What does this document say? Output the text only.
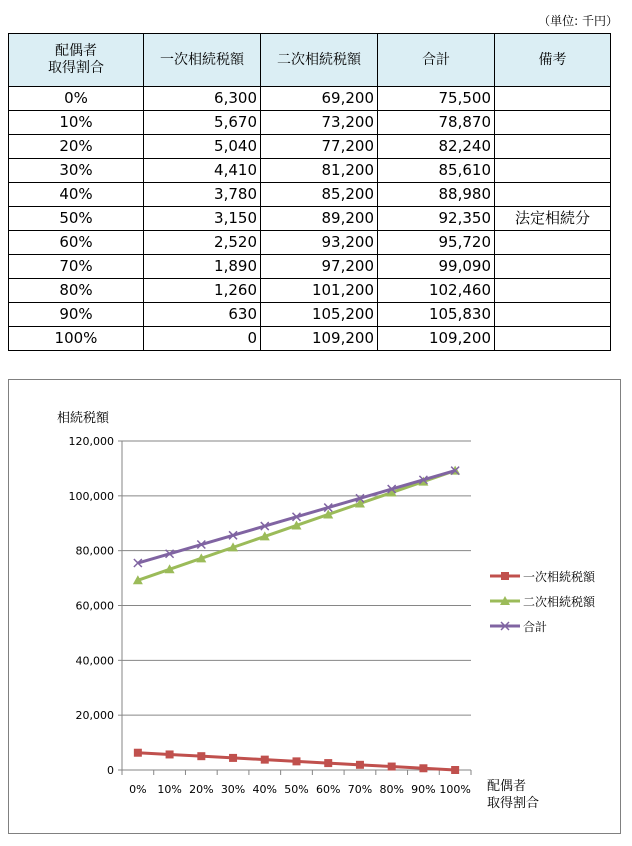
（単位: 千円）
配偶者
取得割合	一次相続税額	二次相続税額	合計	備考
0%	6,300	69,200	75,500	
10%	5,670	73,200	78,870	
20%	5,040	77,200	82,240	
30%	4,410	81,200	85,610	
40%	3,780	85,200	88,980	
50%	3,150	89,200	92,350	法定相続分
60%	2,520	93,200	95,720	
70%	1,890	97,200	99,090	
80%	1,260	101,200	102,460	
90%	630	105,200	105,830	
100%	0	109,200	109,200	
0
20,000
40,000
60,000
80,000
100,000
120,000
0% 10% 20% 30% 40% 50% 60% 70% 80% 90% 100%
相続税額
配偶者取得割合
一次相続税額
二次相続税額
合計
